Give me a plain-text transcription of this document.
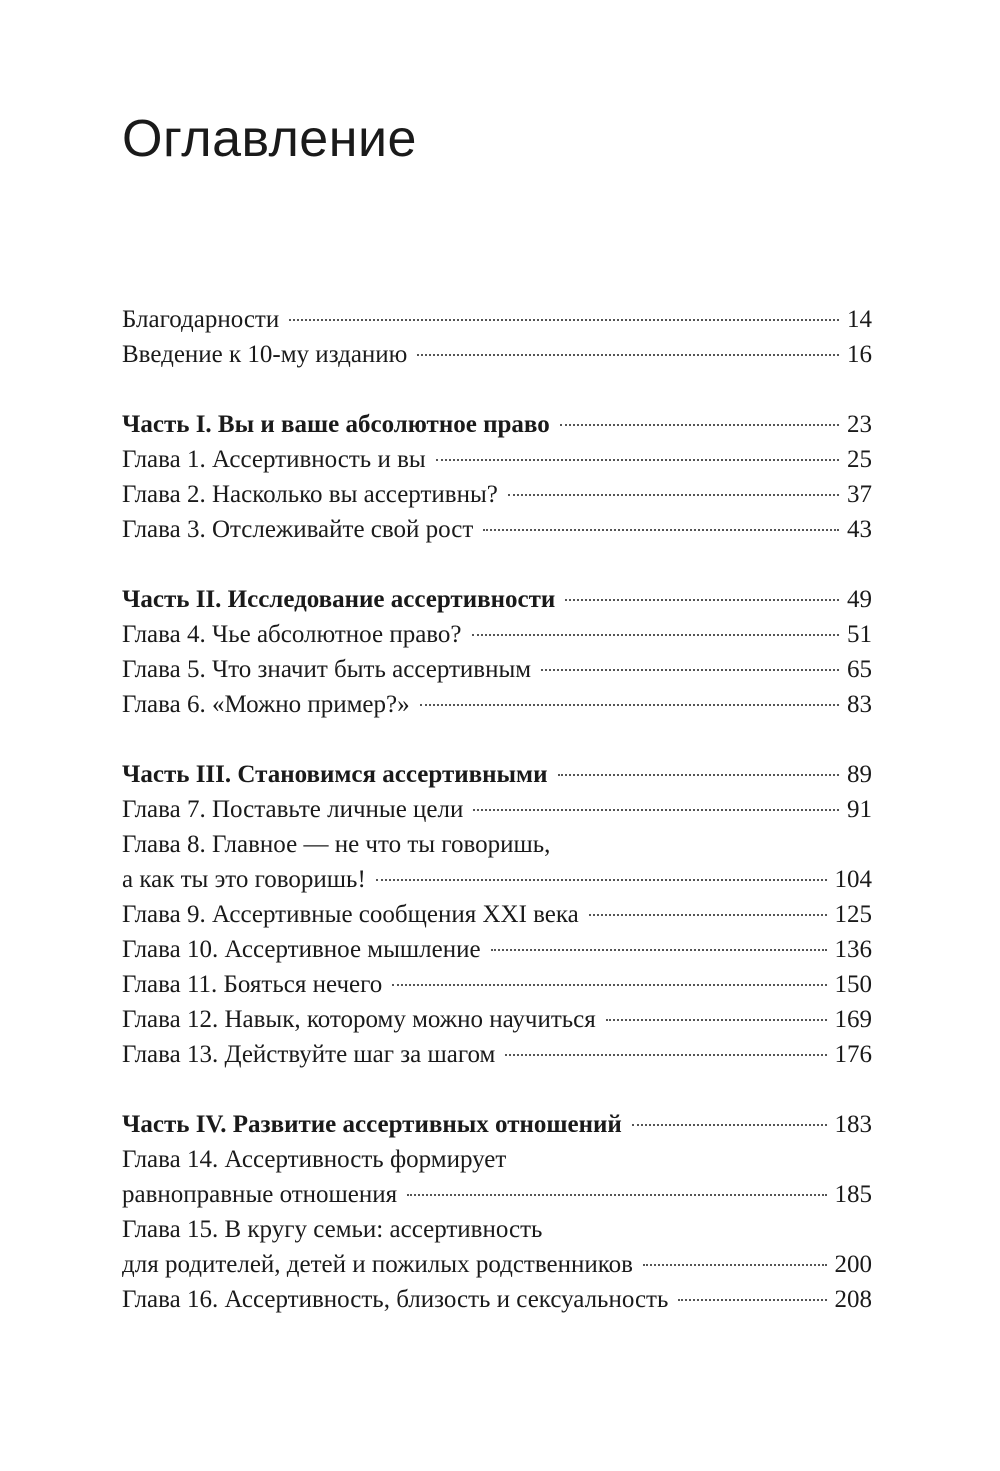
Оглавление
Благодарности	14
Введение к 10-му изданию	16
Часть I. Вы и ваше абсолютное право	23
Глава 1. Ассертивность и вы	25
Глава 2. Насколько вы ассертивны?	37
Глава 3. Отслеживайте свой рост	43
Часть II. Исследование ассертивности	49
Глава 4. Чье абсолютное право?	51
Глава 5. Что значит быть ассертивным	65
Глава 6. «Можно пример?»	83
Часть III. Становимся ассертивными	89
Глава 7. Поставьте личные цели	91
Глава 8. Главное — не что ты говоришь,
а как ты это говоришь!	104
Глава 9. Ассертивные сообщения XXI века	125
Глава 10. Ассертивное мышление	136
Глава 11. Бояться нечего	150
Глава 12. Навык, которому можно научиться	169
Глава 13. Действуйте шаг за шагом	176
Часть IV. Развитие ассертивных отношений	183
Глава 14. Ассертивность формирует
равноправные отношения	185
Глава 15. В кругу семьи: ассертивность
для родителей, детей и пожилых родственников	200
Глава 16. Ассертивность, близость и сексуальность	208
